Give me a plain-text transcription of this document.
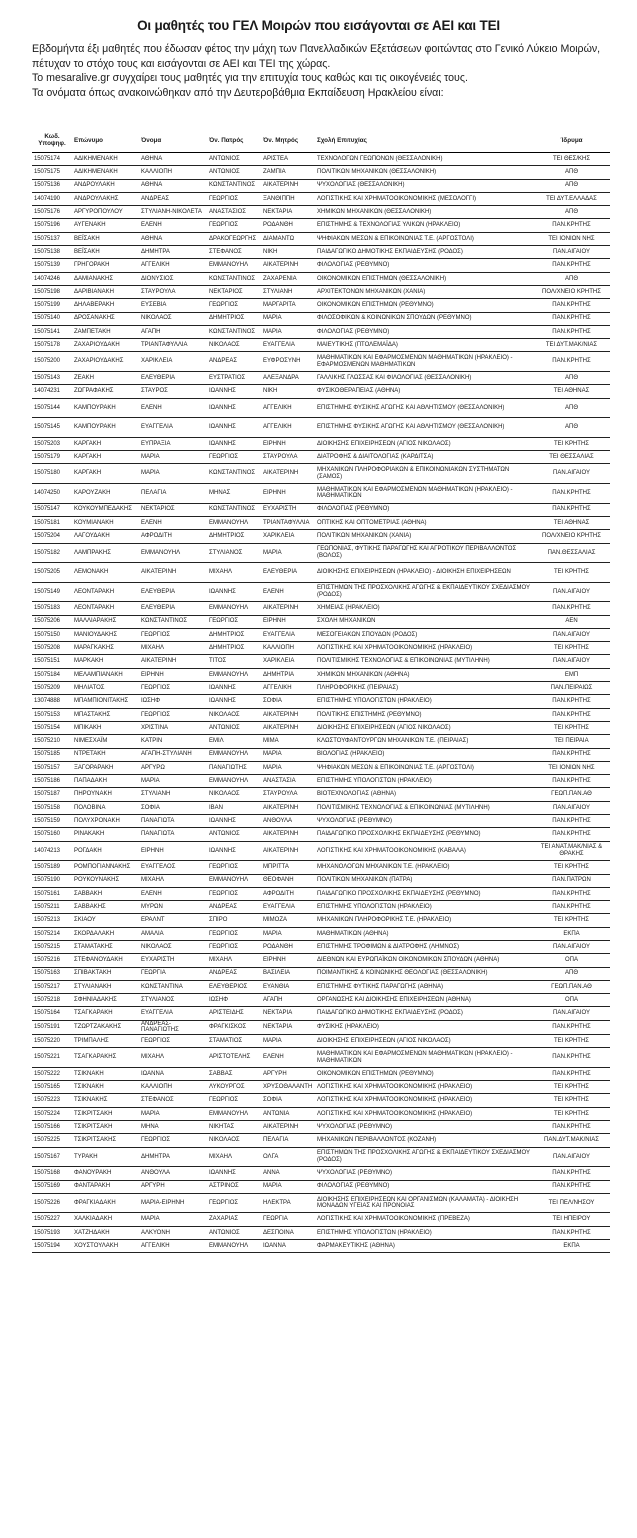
Οι μαθητές του ΓΕΛ Μοιρών που εισάγονται σε ΑΕΙ και ΤΕΙ

Εβδομήντα έξι μαθητές που έδωσαν φέτος την μάχη των Πανελλαδικών Εξετάσεων φοιτώντας στο Γενικό Λύκειο Μοιρών, πέτυχαν το στόχο τους και εισάγονται σε ΑΕΙ και ΤΕΙ της χώρας.

Το mesaralive.gr συγχαίρει τους μαθητές για την επιτυχία τους καθώς και τις οικογένειές τους.

Τα ονόματα όπως ανακοινώθηκαν από την Δευτεροβάθμια Εκπαίδευση Ηρακλείου είναι:

Κωδ. Υποψηφ.	Επώνυμο	Όνομα	Όν. Πατρός	Όν. Μητρός	Σχολή Επιτυχίας	Ίδρυμα
15075174	ΑΔΙΚΗΜΕΝΑΚΗ	ΑΘΗΝΑ	ΑΝΤΩΝΙΟΣ	ΑΡΙΣΤΕΑ	ΤΕΧΝΟΛΟΓΩΝ ΓΕΩΠΟΝΩΝ (ΘΕΣΣΑΛΟΝΙΚΗ)	ΤΕΙ ΘΕΣ/ΚΗΣ
15075175	ΑΔΙΚΗΜΕΝΑΚΗ	ΚΑΛΛΙΟΠΗ	ΑΝΤΩΝΙΟΣ	ΖΑΜΠΙΑ	ΠΟΛΙΤΙΚΩΝ ΜΗΧΑΝΙΚΩΝ (ΘΕΣΣΑΛΟΝΙΚΗ)	ΑΠΘ
15075136	ΑΝΔΡΟΥΛΑΚΗ	ΑΘΗΝΑ	ΚΩΝΣΤΑΝΤΙΝΟΣ	ΑΙΚΑΤΕΡΙΝΗ	ΨΥΧΟΛΟΓΙΑΣ (ΘΕΣΣΑΛΟΝΙΚΗ)	ΑΠΘ
14074190	ΑΝΔΡΟΥΛΑΚΗΣ	ΑΝΔΡΕΑΣ	ΓΕΩΡΓΙΟΣ	ΞΑΝΘΙΠΠΗ	ΛΟΓΙΣΤΙΚΗΣ ΚΑΙ ΧΡΗΜΑΤΟΟΙΚΟΝΟΜΙΚΗΣ (ΜΕΣΟΛΟΓΓΙ)	ΤΕΙ ΔΥΤ.ΕΛΛΑΔΑΣ
15075176	ΑΡΓΥΡΟΠΟΥΛΟΥ	ΣΤΥΛΙΑΝΗ-ΝΙΚΟΛΕΤΑ	ΑΝΑΣΤΑΣΙΟΣ	ΝΕΚΤΑΡΙΑ	ΧΗΜΙΚΩΝ ΜΗΧΑΝΙΚΩΝ (ΘΕΣΣΑΛΟΝΙΚΗ)	ΑΠΘ
15075196	ΑΥΓΕΝΑΚΗ	ΕΛΕΝΗ	ΓΕΩΡΓΙΟΣ	ΡΟΔΑΝΘΗ	ΕΠΙΣΤΗΜΗΣ & ΤΕΧΝΟΛΟΓΙΑΣ ΥΛΙΚΩΝ (ΗΡΑΚΛΕΙΟ)	ΠΑΝ.ΚΡΗΤΗΣ
15075137	ΒΕΪΣΑΚΗ	ΑΘΗΝΑ	ΔΡΑΚΟΓΕΩΡΓΗΣ	ΔΙΑΜΑΝΤΩ	ΨΗΦΙΑΚΩΝ ΜΕΣΩΝ & ΕΠΙΚΟΙΝΩΝΙΑΣ Τ.Ε. (ΑΡΓΟΣΤΟΛΙ)	ΤΕΙ ΙΟΝΙΩΝ ΝΗΣ
15075138	ΒΕΪΣΑΚΗ	ΔΗΜΗΤΡΑ	ΣΤΕΦΑΝΟΣ	ΝΙΚΗ	ΠΑΙΔΑΓΩΓΙΚΟ ΔΗΜΟΤΙΚΗΣ ΕΚΠΑΙΔΕΥΣΗΣ (ΡΟΔΟΣ)	ΠΑΝ.ΑΙΓΑΙΟΥ
15075139	ΓΡΗΓΟΡΑΚΗ	ΑΓΓΕΛΙΚΗ	ΕΜΜΑΝΟΥΗΛ	ΑΙΚΑΤΕΡΙΝΗ	ΦΙΛΟΛΟΓΙΑΣ (ΡΕΘΥΜΝΟ)	ΠΑΝ.ΚΡΗΤΗΣ
14074246	ΔΑΜΙΑΝΑΚΗΣ	ΔΙΟΝΥΣΙΟΣ	ΚΩΝΣΤΑΝΤΙΝΟΣ	ΖΑΧΑΡΕΝΙΑ	ΟΙΚΟΝΟΜΙΚΩΝ ΕΠΙΣΤΗΜΩΝ (ΘΕΣΣΑΛΟΝΙΚΗ)	ΑΠΘ
15075198	ΔΑΡΙΒΙΑΝΑΚΗ	ΣΤΑΥΡΟΥΛΑ	ΝΕΚΤΑΡΙΟΣ	ΣΤΥΛΙΑΝΗ	ΑΡΧΙΤΕΚΤΟΝΩΝ ΜΗΧΑΝΙΚΩΝ (ΧΑΝΙΑ)	ΠΟΛ/ΧΝΕΙΟ ΚΡΗΤΗΣ
15075199	ΔΗΛΑΒΕΡΑΚΗ	ΕΥΣΕΒΙΑ	ΓΕΩΡΓΙΟΣ	ΜΑΡΓΑΡΙΤΑ	ΟΙΚΟΝΟΜΙΚΩΝ ΕΠΙΣΤΗΜΩΝ (ΡΕΘΥΜΝΟ)	ΠΑΝ.ΚΡΗΤΗΣ
15075140	ΔΡΟΣΑΝΑΚΗΣ	ΝΙΚΟΛΑΟΣ	ΔΗΜΗΤΡΙΟΣ	ΜΑΡΙΑ	ΦΙΛΟΣΟΦΙΚΩΝ & ΚΟΙΝΩΝΙΚΩΝ ΣΠΟΥΔΩΝ (ΡΕΘΥΜΝΟ)	ΠΑΝ.ΚΡΗΤΗΣ
15075141	ΖΑΜΠΕΤΑΚΗ	ΑΓΑΠΗ	ΚΩΝΣΤΑΝΤΙΝΟΣ	ΜΑΡΙΑ	ΦΙΛΟΛΟΓΙΑΣ (ΡΕΘΥΜΝΟ)	ΠΑΝ.ΚΡΗΤΗΣ
15075178	ΖΑΧΑΡΙΟΥΔΑΚΗ	ΤΡΙΑΝΤΑΦΥΛΛΙΑ	ΝΙΚΟΛΑΟΣ	ΕΥΑΓΓΕΛΙΑ	ΜΑΙΕΥΤΙΚΗΣ (ΠΤΟΛΕΜΑΪΔΑ)	ΤΕΙ ΔΥΤ.ΜΑΚ/ΝΙΑΣ
15075200	ΖΑΧΑΡΙΟΥΔΑΚΗΣ	ΧΑΡΙΚΛΕΙΑ	ΑΝΔΡΕΑΣ	ΕΥΦΡΟΣΥΝΗ	ΜΑΘΗΜΑΤΙΚΩΝ ΚΑΙ ΕΦΑΡΜΟΣΜΕΝΩΝ ΜΑΘΗΜΑΤΙΚΩΝ (ΗΡΑΚΛΕΙΟ) - ΕΦΑΡΜΟΣΜΕΝΩΝ ΜΑΘΗΜΑΤΙΚΩΝ	ΠΑΝ.ΚΡΗΤΗΣ
15075143	ΖΕΑΚΗ	ΕΛΕΥΘΕΡΙΑ	ΕΥΣΤΡΑΤΙΟΣ	ΑΛΕΞΑΝΔΡΑ	ΓΑΛΛΙΚΗΣ ΓΛΩΣΣΑΣ ΚΑΙ ΦΙΛΟΛΟΓΙΑΣ (ΘΕΣΣΑΛΟΝΙΚΗ)	ΑΠΘ
14074231	ΖΩΓΡΑΦΑΚΗΣ	ΣΤΑΥΡΟΣ	ΙΩΑΝΝΗΣ	ΝΙΚΗ	ΦΥΣΙΚΟΘΕΡΑΠΕΙΑΣ (ΑΘΗΝΑ)	ΤΕΙ ΑΘΗΝΑΣ
15075144	ΚΑΜΠΟΥΡΑΚΗ	ΕΛΕΝΗ	ΙΩΑΝΝΗΣ	ΑΓΓΕΛΙΚΗ	ΕΠΙΣΤΗΜΗΣ ΦΥΣΙΚΗΣ ΑΓΩΓΗΣ ΚΑΙ ΑΘΛΗΤΙΣΜΟΥ (ΘΕΣΣΑΛΟΝΙΚΗ)	ΑΠΘ
15075145	ΚΑΜΠΟΥΡΑΚΗ	ΕΥΑΓΓΕΛΙΑ	ΙΩΑΝΝΗΣ	ΑΓΓΕΛΙΚΗ	ΕΠΙΣΤΗΜΗΣ ΦΥΣΙΚΗΣ ΑΓΩΓΗΣ ΚΑΙ ΑΘΛΗΤΙΣΜΟΥ (ΘΕΣΣΑΛΟΝΙΚΗ)	ΑΠΘ
15075203	ΚΑΡΓΑΚΗ	ΕΥΠΡΑΞΙΑ	ΙΩΑΝΝΗΣ	ΕΙΡΗΝΗ	ΔΙΟΙΚΗΣΗΣ ΕΠΙΧΕΙΡΗΣΕΩΝ (ΑΓΙΟΣ ΝΙΚΟΛΑΟΣ)	ΤΕΙ ΚΡΗΤΗΣ
15075179	ΚΑΡΓΑΚΗ	ΜΑΡΙΑ	ΓΕΩΡΓΙΟΣ	ΣΤΑΥΡΟΥΛΑ	ΔΙΑΤΡΟΦΗΣ & ΔΙΑΙΤΟΛΟΓΙΑΣ (ΚΑΡΔΙΤΣΑ)	ΤΕΙ ΘΕΣΣΑΛΙΑΣ
15075180	ΚΑΡΓΑΚΗ	ΜΑΡΙΑ	ΚΩΝΣΤΑΝΤΙΝΟΣ	ΑΙΚΑΤΕΡΙΝΗ	ΜΗΧΑΝΙΚΩΝ ΠΛΗΡΟΦΟΡΙΑΚΩΝ & ΕΠΙΚΟΙΝΩΝΙΑΚΩΝ ΣΥΣΤΗΜΑΤΩΝ (ΣΑΜΟΣ)	ΠΑΝ.ΑΙΓΑΙΟΥ
14074250	ΚΑΡΟΥΖΑΚΗ	ΠΕΛΑΓΙΑ	ΜΗΝΑΣ	ΕΙΡΗΝΗ	ΜΑΘΗΜΑΤΙΚΩΝ ΚΑΙ ΕΦΑΡΜΟΣΜΕΝΩΝ ΜΑΘΗΜΑΤΙΚΩΝ (ΗΡΑΚΛΕΙΟ) - ΜΑΘΗΜΑΤΙΚΩΝ	ΠΑΝ.ΚΡΗΤΗΣ
15075147	ΚΟΥΚΟΥΜΠΕΔΑΚΗΣ	ΝΕΚΤΑΡΙΟΣ	ΚΩΝΣΤΑΝΤΙΝΟΣ	ΕΥΧΑΡΙΣΤΗ	ΦΙΛΟΛΟΓΙΑΣ (ΡΕΘΥΜΝΟ)	ΠΑΝ.ΚΡΗΤΗΣ
15075181	ΚΟΥΜΙΑΝΑΚΗ	ΕΛΕΝΗ	ΕΜΜΑΝΟΥΗΛ	ΤΡΙΑΝΤΑΦΥΛΛΙΑ	ΟΠΤΙΚΗΣ ΚΑΙ ΟΠΤΟΜΕΤΡΙΑΣ (ΑΘΗΝΑ)	ΤΕΙ ΑΘΗΝΑΣ
15075204	ΛΑΓΟΥΔΑΚΗ	ΑΦΡΟΔΙΤΗ	ΔΗΜΗΤΡΙΟΣ	ΧΑΡΙΚΛΕΙΑ	ΠΟΛΙΤΙΚΩΝ ΜΗΧΑΝΙΚΩΝ (ΧΑΝΙΑ)	ΠΟΛ/ΧΝΕΙΟ ΚΡΗΤΗΣ
15075182	ΛΑΜΠΡΑΚΗΣ	ΕΜΜΑΝΟΥΗΛ	ΣΤΥΛΙΑΝΟΣ	ΜΑΡΙΑ	ΓΕΩΠΟΝΙΑΣ, ΦΥΤΙΚΗΣ ΠΑΡΑΓΩΓΗΣ ΚΑΙ ΑΓΡΟΤΙΚΟΥ ΠΕΡΙΒΑΛΛΟΝΤΟΣ (ΒΟΛΟΣ)	ΠΑΝ.ΘΕΣΣΑΛΙΑΣ
15075205	ΛΕΜΟΝΑΚΗ	ΑΙΚΑΤΕΡΙΝΗ	ΜΙΧΑΗΛ	ΕΛΕΥΘΕΡΙΑ	ΔΙΟΙΚΗΣΗΣ ΕΠΙΧΕΙΡΗΣΕΩΝ (ΗΡΑΚΛΕΙΟ) - ΔΙΟΙΚΗΣΗ ΕΠΙΧΕΙΡΗΣΕΩΝ	ΤΕΙ ΚΡΗΤΗΣ
15075149	ΛΕΟΝΤΑΡΑΚΗ	ΕΛΕΥΘΕΡΙΑ	ΙΩΑΝΝΗΣ	ΕΛΕΝΗ	ΕΠΙΣΤΗΜΩΝ ΤΗΣ ΠΡΟΣΧΟΛΙΚΗΣ ΑΓΩΓΗΣ & ΕΚΠΑΙΔΕΥΤΙΚΟΥ ΣΧΕΔΙΑΣΜΟΥ (ΡΟΔΟΣ)	ΠΑΝ.ΑΙΓΑΙΟΥ
15075183	ΛΕΟΝΤΑΡΑΚΗ	ΕΛΕΥΘΕΡΙΑ	ΕΜΜΑΝΟΥΗΛ	ΑΙΚΑΤΕΡΙΝΗ	ΧΗΜΕΙΑΣ (ΗΡΑΚΛΕΙΟ)	ΠΑΝ.ΚΡΗΤΗΣ
15075206	ΜΑΛΛΙΑΡΑΚΗΣ	ΚΩΝΣΤΑΝΤΙΝΟΣ	ΓΕΩΡΓΙΟΣ	ΕΙΡΗΝΗ	ΣΧΟΛΗ ΜΗΧΑΝΙΚΩΝ	ΑΕΝ
15075150	ΜΑΝΙΟΥΔΑΚΗΣ	ΓΕΩΡΓΙΟΣ	ΔΗΜΗΤΡΙΟΣ	ΕΥΑΓΓΕΛΙΑ	ΜΕΣΟΓΕΙΑΚΩΝ ΣΠΟΥΔΩΝ (ΡΟΔΟΣ)	ΠΑΝ.ΑΙΓΑΙΟΥ
15075208	ΜΑΡΑΓΚΑΚΗΣ	ΜΙΧΑΗΛ	ΔΗΜΗΤΡΙΟΣ	ΚΑΛΛΙΟΠΗ	ΛΟΓΙΣΤΙΚΗΣ ΚΑΙ ΧΡΗΜΑΤΟΟΙΚΟΝΟΜΙΚΗΣ (ΗΡΑΚΛΕΙΟ)	ΤΕΙ ΚΡΗΤΗΣ
15075151	ΜΑΡΚΑΚΗ	ΑΙΚΑΤΕΡΙΝΗ	ΤΙΤΟΣ	ΧΑΡΙΚΛΕΙΑ	ΠΟΛΙΤΙΣΜΙΚΗΣ ΤΕΧΝΟΛΟΓΙΑΣ & ΕΠΙΚΟΙΝΩΝΙΑΣ (ΜΥΤΙΛΗΝΗ)	ΠΑΝ.ΑΙΓΑΙΟΥ
15075184	ΜΕΛΑΜΠΙΑΝΑΚΗ	ΕΙΡΗΝΗ	ΕΜΜΑΝΟΥΗΛ	ΔΗΜΗΤΡΙΑ	ΧΗΜΙΚΩΝ ΜΗΧΑΝΙΚΩΝ (ΑΘΗΝΑ)	ΕΜΠ
15075209	ΜΗΛΙΑΤΟΣ	ΓΕΩΡΓΙΟΣ	ΙΩΑΝΝΗΣ	ΑΓΓΕΛΙΚΗ	ΠΛΗΡΟΦΟΡΙΚΗΣ (ΠΕΙΡΑΙΑΣ)	ΠΑΝ.ΠΕΙΡΑΙΩΣ
13074888	ΜΠΑΜΠΙΟΝΙΤΑΚΗΣ	ΙΩΣΗΦ	ΙΩΑΝΝΗΣ	ΣΟΦΙΑ	ΕΠΙΣΤΗΜΗΣ ΥΠΟΛΟΓΙΣΤΩΝ (ΗΡΑΚΛΕΙΟ)	ΠΑΝ.ΚΡΗΤΗΣ
15075153	ΜΠΑΣΤΑΚΗΣ	ΓΕΩΡΓΙΟΣ	ΝΙΚΟΛΑΟΣ	ΑΙΚΑΤΕΡΙΝΗ	ΠΟΛΙΤΙΚΗΣ ΕΠΙΣΤΗΜΗΣ (ΡΕΘΥΜΝΟ)	ΠΑΝ.ΚΡΗΤΗΣ
15075154	ΜΠΙΚΑΚΗ	ΧΡΙΣΤΙΝΑ	ΑΝΤΩΝΙΟΣ	ΑΙΚΑΤΕΡΙΝΗ	ΔΙΟΙΚΗΣΗΣ ΕΠΙΧΕΙΡΗΣΕΩΝ (ΑΓΙΟΣ ΝΙΚΟΛΑΟΣ)	ΤΕΙ ΚΡΗΤΗΣ
15075210	ΝΙΜΕΣΧΑΪΜ	ΚΑΤΡΙΝ	ΕΜΙΛ	ΜΙΜΑ	ΚΛΩΣΤΟΥΦΑΝΤΟΥΡΓΩΝ ΜΗΧΑΝΙΚΩΝ Τ.Ε. (ΠΕΙΡΑΙΑΣ)	ΤΕΙ ΠΕΙΡΑΙΑ
15075185	ΝΤΡΕΤΑΚΗ	ΑΓΑΠΗ-ΣΤΥΛΙΑΝΗ	ΕΜΜΑΝΟΥΗΛ	ΜΑΡΙΑ	ΒΙΟΛΟΓΙΑΣ (ΗΡΑΚΛΕΙΟ)	ΠΑΝ.ΚΡΗΤΗΣ
15075157	ΞΑΓΟΡΑΡΑΚΗ	ΑΡΓΥΡΩ	ΠΑΝΑΓΙΩΤΗΣ	ΜΑΡΙΑ	ΨΗΦΙΑΚΩΝ ΜΕΣΩΝ & ΕΠΙΚΟΙΝΩΝΙΑΣ Τ.Ε. (ΑΡΓΟΣΤΟΛΙ)	ΤΕΙ ΙΟΝΙΩΝ ΝΗΣ
15075186	ΠΑΠΑΔΑΚΗ	ΜΑΡΙΑ	ΕΜΜΑΝΟΥΗΛ	ΑΝΑΣΤΑΣΙΑ	ΕΠΙΣΤΗΜΗΣ ΥΠΟΛΟΓΙΣΤΩΝ (ΗΡΑΚΛΕΙΟ)	ΠΑΝ.ΚΡΗΤΗΣ
15075187	ΠΗΡΟΥΝΑΚΗ	ΣΤΥΛΙΑΝΗ	ΝΙΚΟΛΑΟΣ	ΣΤΑΥΡΟΥΛΑ	ΒΙΟΤΕΧΝΟΛΟΓΙΑΣ (ΑΘΗΝΑ)	ΓΕΩΠ.ΠΑΝ.ΑΘ
15075158	ΠΟΛΟΒΙΝΑ	ΣΟΦΙΑ	ΙΒΑΝ	ΑΙΚΑΤΕΡΙΝΗ	ΠΟΛΙΤΙΣΜΙΚΗΣ ΤΕΧΝΟΛΟΓΙΑΣ & ΕΠΙΚΟΙΝΩΝΙΑΣ (ΜΥΤΙΛΗΝΗ)	ΠΑΝ.ΑΙΓΑΙΟΥ
15075159	ΠΟΛΥΧΡΟΝΑΚΗ	ΠΑΝΑΓΙΩΤΑ	ΙΩΑΝΝΗΣ	ΑΝΘΟΥΛΑ	ΨΥΧΟΛΟΓΙΑΣ (ΡΕΘΥΜΝΟ)	ΠΑΝ.ΚΡΗΤΗΣ
15075160	ΡΙΝΑΚΑΚΗ	ΠΑΝΑΓΙΩΤΑ	ΑΝΤΩΝΙΟΣ	ΑΙΚΑΤΕΡΙΝΗ	ΠΑΙΔΑΓΩΓΙΚΟ ΠΡΟΣΧΟΛΙΚΗΣ ΕΚΠΑΙΔΕΥΣΗΣ (ΡΕΘΥΜΝΟ)	ΠΑΝ.ΚΡΗΤΗΣ
14074213	ΡΟΓΔΑΚΗ	ΕΙΡΗΝΗ	ΙΩΑΝΝΗΣ	ΑΙΚΑΤΕΡΙΝΗ	ΛΟΓΙΣΤΙΚΗΣ ΚΑΙ ΧΡΗΜΑΤΟΟΙΚΟΝΟΜΙΚΗΣ (ΚΑΒΑΛΑ)	ΤΕΙ ΑΝΑΤ.ΜΑΚ/ΝΙΑΣ & ΘΡΑΚΗΣ
15075189	ΡΟΜΠΟΓΙΑΝΝΑΚΗΣ	ΕΥΑΓΓΕΛΟΣ	ΓΕΩΡΓΙΟΣ	ΜΠΡΙΤΤΑ	ΜΗΧΑΝΟΛΟΓΩΝ ΜΗΧΑΝΙΚΩΝ Τ.Ε. (ΗΡΑΚΛΕΙΟ)	ΤΕΙ ΚΡΗΤΗΣ
15075190	ΡΟΥΚΟΥΝΑΚΗΣ	ΜΙΧΑΗΛ	ΕΜΜΑΝΟΥΗΛ	ΘΕΟΦΑΝΗ	ΠΟΛΙΤΙΚΩΝ ΜΗΧΑΝΙΚΩΝ (ΠΑΤΡΑ)	ΠΑΝ.ΠΑΤΡΩΝ
15075161	ΣΑΒΒΑΚΗ	ΕΛΕΝΗ	ΓΕΩΡΓΙΟΣ	ΑΦΡΟΔΙΤΗ	ΠΑΙΔΑΓΩΓΙΚΟ ΠΡΟΣΧΟΛΙΚΗΣ ΕΚΠΑΙΔΕΥΣΗΣ (ΡΕΘΥΜΝΟ)	ΠΑΝ.ΚΡΗΤΗΣ
15075211	ΣΑΒΒΑΚΗΣ	ΜΥΡΩΝ	ΑΝΔΡΕΑΣ	ΕΥΑΓΓΕΛΙΑ	ΕΠΙΣΤΗΜΗΣ ΥΠΟΛΟΓΙΣΤΩΝ (ΗΡΑΚΛΕΙΟ)	ΠΑΝ.ΚΡΗΤΗΣ
15075213	ΣΚΙΑΟΥ	ΕΡΑΛΝΤ	ΣΠΙΡΟ	ΜΙΜΟΖΑ	ΜΗΧΑΝΙΚΩΝ ΠΛΗΡΟΦΟΡΙΚΗΣ Τ.Ε. (ΗΡΑΚΛΕΙΟ)	ΤΕΙ ΚΡΗΤΗΣ
15075214	ΣΚΟΡΔΑΛΑΚΗ	ΑΜΑΛΙΑ	ΓΕΩΡΓΙΟΣ	ΜΑΡΙΑ	ΜΑΘΗΜΑΤΙΚΩΝ (ΑΘΗΝΑ)	ΕΚΠΑ
15075215	ΣΤΑΜΑΤΑΚΗΣ	ΝΙΚΟΛΑΟΣ	ΓΕΩΡΓΙΟΣ	ΡΟΔΑΝΘΗ	ΕΠΙΣΤΗΜΗΣ ΤΡΟΦΙΜΩΝ & ΔΙΑΤΡΟΦΗΣ (ΛΗΜΝΟΣ)	ΠΑΝ.ΑΙΓΑΙΟΥ
15075216	ΣΤΕΦΑΝΟΥΔΑΚΗ	ΕΥΧΑΡΙΣΤΗ	ΜΙΧΑΗΛ	ΕΙΡΗΝΗ	ΔΙΕΘΝΩΝ ΚΑΙ ΕΥΡΩΠΑΪΚΩΝ ΟΙΚΟΝΟΜΙΚΩΝ ΣΠΟΥΔΩΝ (ΑΘΗΝΑ)	ΟΠΑ
15075163	ΣΠΙΒΑΚΤΑΚΗ	ΓΕΩΡΓΙΑ	ΑΝΔΡΕΑΣ	ΒΑΣΙΛΕΙΑ	ΠΟΙΜΑΝΤΙΚΗΣ & ΚΟΙΝΩΝΙΚΗΣ ΘΕΟΛΟΓΙΑΣ (ΘΕΣΣΑΛΟΝΙΚΗ)	ΑΠΘ
15075217	ΣΤΥΛΙΑΝΑΚΗ	ΚΩΝΣΤΑΝΤΙΝΑ	ΕΛΕΥΘΕΡΙΟΣ	ΕΥΑΝΘΙΑ	ΕΠΙΣΤΗΜΗΣ ΦΥΤΙΚΗΣ ΠΑΡΑΓΩΓΗΣ (ΑΘΗΝΑ)	ΓΕΩΠ.ΠΑΝ.ΑΘ
15075218	ΣΦΗΝΙΑΔΑΚΗΣ	ΣΤΥΛΙΑΝΟΣ	ΙΩΣΗΦ	ΑΓΑΠΗ	ΟΡΓΑΝΩΣΗΣ ΚΑΙ ΔΙΟΙΚΗΣΗΣ ΕΠΙΧΕΙΡΗΣΕΩΝ (ΑΘΗΝΑ)	ΟΠΑ
15075164	ΤΣΑΓΚΑΡΑΚΗ	ΕΥΑΓΓΕΛΙΑ	ΑΡΙΣΤΕΙΔΗΣ	ΝΕΚΤΑΡΙΑ	ΠΑΙΔΑΓΩΓΙΚΟ ΔΗΜΟΤΙΚΗΣ ΕΚΠΑΙΔΕΥΣΗΣ (ΡΟΔΟΣ)	ΠΑΝ.ΑΙΓΑΙΟΥ
15075191	ΤΖΩΡΤΖΑΚΑΚΗΣ	ΑΝΔΡΕΑΣ-ΠΑΝΑΓΙΩΤΗΣ	ΦΡΑΓΚΙΣΚΟΣ	ΝΕΚΤΑΡΙΑ	ΦΥΣΙΚΗΣ (ΗΡΑΚΛΕΙΟ)	ΠΑΝ.ΚΡΗΤΗΣ
15075220	ΤΡΙΜΠΑΛΗΣ	ΓΕΩΡΓΙΟΣ	ΣΤΑΜΑΤΙΟΣ	ΜΑΡΙΑ	ΔΙΟΙΚΗΣΗΣ ΕΠΙΧΕΙΡΗΣΕΩΝ (ΑΓΙΟΣ ΝΙΚΟΛΑΟΣ)	ΤΕΙ ΚΡΗΤΗΣ
15075221	ΤΣΑΓΚΑΡΑΚΗΣ	ΜΙΧΑΗΛ	ΑΡΙΣΤΟΤΕΛΗΣ	ΕΛΕΝΗ	ΜΑΘΗΜΑΤΙΚΩΝ ΚΑΙ ΕΦΑΡΜΟΣΜΕΝΩΝ ΜΑΘΗΜΑΤΙΚΩΝ (ΗΡΑΚΛΕΙΟ) - ΜΑΘΗΜΑΤΙΚΩΝ	ΠΑΝ.ΚΡΗΤΗΣ
15075222	ΤΣΙΚΝΑΚΗ	ΙΩΑΝΝΑ	ΣΑΒΒΑΣ	ΑΡΓΥΡΗ	ΟΙΚΟΝΟΜΙΚΩΝ ΕΠΙΣΤΗΜΩΝ (ΡΕΘΥΜΝΟ)	ΠΑΝ.ΚΡΗΤΗΣ
15075165	ΤΣΙΚΝΑΚΗ	ΚΑΛΛΙΟΠΗ	ΛΥΚΟΥΡΓΟΣ	ΧΡΥΣΟΘΑΛΑΝΤΗ	ΛΟΓΙΣΤΙΚΗΣ ΚΑΙ ΧΡΗΜΑΤΟΟΙΚΟΝΟΜΙΚΗΣ (ΗΡΑΚΛΕΙΟ)	ΤΕΙ ΚΡΗΤΗΣ
15075223	ΤΣΙΚΝΑΚΗΣ	ΣΤΕΦΑΝΟΣ	ΓΕΩΡΓΙΟΣ	ΣΟΦΙΑ	ΛΟΓΙΣΤΙΚΗΣ ΚΑΙ ΧΡΗΜΑΤΟΟΙΚΟΝΟΜΙΚΗΣ (ΗΡΑΚΛΕΙΟ)	ΤΕΙ ΚΡΗΤΗΣ
15075224	ΤΣΙΚΡΙΤΣΑΚΗ	ΜΑΡΙΑ	ΕΜΜΑΝΟΥΗΛ	ΑΝΤΩΝΙΑ	ΛΟΓΙΣΤΙΚΗΣ ΚΑΙ ΧΡΗΜΑΤΟΟΙΚΟΝΟΜΙΚΗΣ (ΗΡΑΚΛΕΙΟ)	ΤΕΙ ΚΡΗΤΗΣ
15075166	ΤΣΙΚΡΙΤΣΑΚΗ	ΜΗΝΑ	ΝΙΚΗΤΑΣ	ΑΙΚΑΤΕΡΙΝΗ	ΨΥΧΟΛΟΓΙΑΣ (ΡΕΘΥΜΝΟ)	ΠΑΝ.ΚΡΗΤΗΣ
15075225	ΤΣΙΚΡΙΤΣΑΚΗΣ	ΓΕΩΡΓΙΟΣ	ΝΙΚΟΛΑΟΣ	ΠΕΛΑΓΙΑ	ΜΗΧΑΝΙΚΩΝ ΠΕΡΙΒΑΛΛΟΝΤΟΣ (ΚΟΖΑΝΗ)	ΠΑΝ.ΔΥΤ.ΜΑΚ/ΝΙΑΣ
15075167	ΤΥΡΑΚΗ	ΔΗΜΗΤΡΑ	ΜΙΧΑΗΛ	ΟΛΓΑ	ΕΠΙΣΤΗΜΩΝ ΤΗΣ ΠΡΟΣΧΟΛΙΚΗΣ ΑΓΩΓΗΣ & ΕΚΠΑΙΔΕΥΤΙΚΟΥ ΣΧΕΔΙΑΣΜΟΥ (ΡΟΔΟΣ)	ΠΑΝ.ΑΙΓΑΙΟΥ
15075168	ΦΑΝΟΥΡΑΚΗ	ΑΝΘΟΥΛΑ	ΙΩΑΝΝΗΣ	ΑΝΝΑ	ΨΥΧΟΛΟΓΙΑΣ (ΡΕΘΥΜΝΟ)	ΠΑΝ.ΚΡΗΤΗΣ
15075169	ΦΑΝΤΑΡΑΚΗ	ΑΡΓΥΡΗ	ΑΣΤΡΙΝΟΣ	ΜΑΡΙΑ	ΦΙΛΟΛΟΓΙΑΣ (ΡΕΘΥΜΝΟ)	ΠΑΝ.ΚΡΗΤΗΣ
15075226	ΦΡΑΓΚΙΑΔΑΚΗ	ΜΑΡΙΑ-ΕΙΡΗΝΗ	ΓΕΩΡΓΙΟΣ	ΗΛΕΚΤΡΑ	ΔΙΟΙΚΗΣΗΣ ΕΠΙΧΕΙΡΗΣΕΩΝ ΚΑΙ ΟΡΓΑΝΙΣΜΩΝ (ΚΑΛΑΜΑΤΑ) - ΔΙΟΙΚΗΣΗ ΜΟΝΑΔΩΝ ΥΓΕΙΑΣ ΚΑΙ ΠΡΟΝΟΙΑΣ	ΤΕΙ ΠΕΛ/ΝΗΣΟΥ
15075227	ΧΑΛΚΙΑΔΑΚΗ	ΜΑΡΙΑ	ΖΑΧΑΡΙΑΣ	ΓΕΩΡΓΙΑ	ΛΟΓΙΣΤΙΚΗΣ ΚΑΙ ΧΡΗΜΑΤΟΟΙΚΟΝΟΜΙΚΗΣ (ΠΡΕΒΕΖΑ)	ΤΕΙ ΗΠΕΙΡΟΥ
15075193	ΧΑΤΖΗΔΑΚΗ	ΑΛΚΥΟΝΗ	ΑΝΤΩΝΙΟΣ	ΔΕΣΠΟΙΝΑ	ΕΠΙΣΤΗΜΗΣ ΥΠΟΛΟΓΙΣΤΩΝ (ΗΡΑΚΛΕΙΟ)	ΠΑΝ.ΚΡΗΤΗΣ
15075194	ΧΟΥΣΤΟΥΛΑΚΗ	ΑΓΓΕΛΙΚΗ	ΕΜΜΑΝΟΥΗΛ	ΙΩΑΝΝΑ	ΦΑΡΜΑΚΕΥΤΙΚΗΣ (ΑΘΗΝΑ)	ΕΚΠΑ
